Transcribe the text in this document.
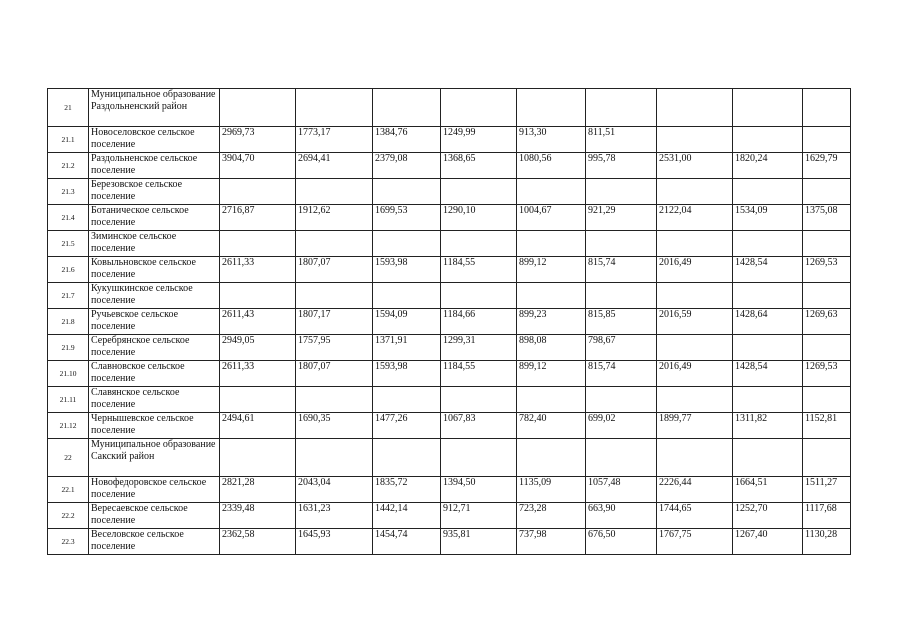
21	Муниципальное образование Раздольненский район										
21.1	Новоселовское сельское поселение	2969,73	1773,17	1384,76	1249,99	913,30	811,51				
21.2	Раздольненское сельское поселение	3904,70	2694,41	2379,08	1368,65	1080,56	995,78	2531,00	1820,24	1629,79	
21.3	Березовское сельское поселение										
21.4	Ботаническое сельское поселение	2716,87	1912,62	1699,53	1290,10	1004,67	921,29	2122,04	1534,09	1375,08	
21.5	Зиминское сельское поселение										
21.6	Ковыльновское сельское поселение	2611,33	1807,07	1593,98	1184,55	899,12	815,74	2016,49	1428,54	1269,53	
21.7	Кукушкинское сельское поселение										
21.8	Ручьевское сельское поселение	2611,43	1807,17	1594,09	1184,66	899,23	815,85	2016,59	1428,64	1269,63	
21.9	Серебрянское сельское поселение	2949,05	1757,95	1371,91	1299,31	898,08	798,67				
21.10	Славновское сельское поселение	2611,33	1807,07	1593,98	1184,55	899,12	815,74	2016,49	1428,54	1269,53	
21.11	Славянское сельское поселение										
21.12	Чернышевское сельское поселение	2494,61	1690,35	1477,26	1067,83	782,40	699,02	1899,77	1311,82	1152,81	
22	Муниципальное образование Сакский район										
22.1	Новофедоровское сельское поселение	2821,28	2043,04	1835,72	1394,50	1135,09	1057,48	2226,44	1664,51	1511,27	
22.2	Вересаевское сельское поселение	2339,48	1631,23	1442,14	912,71	723,28	663,90	1744,65	1252,70	1117,68	
22.3	Веселовское сельское поселение	2362,58	1645,93	1454,74	935,81	737,98	676,50	1767,75	1267,40	1130,28	
